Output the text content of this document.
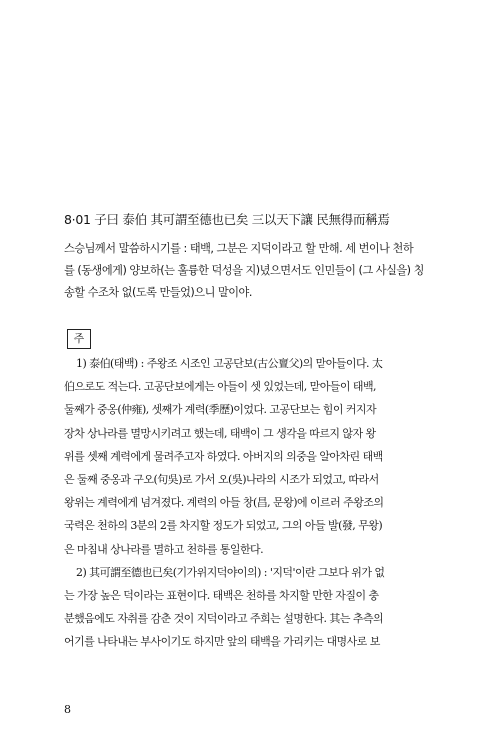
8·01 子曰 泰伯 其可謂至德也已矣 三以天下讓 民無得而稱焉
스승님께서 말씀하시기를 : 태백, 그분은 지덕이라고 할 만해. 세 번이나 천하
를 (동생에게) 양보하(는 훌륭한 덕성을 지)녔으면서도 인민들이 (그 사실을) 칭
송할 수조차 없(도록 만들었)으니 말이야.
주
1) 泰伯(태백) : 주왕조 시조인 고공단보(古公亶父)의 맏아들이다. 太
伯으로도 적는다. 고공단보에게는 아들이 셋 있었는데, 맏아들이 태백,
둘째가 중옹(仲雍), 셋째가 계력(季歷)이었다. 고공단보는 힘이 커지자
장차 상나라를 멸망시키려고 했는데, 태백이 그 생각을 따르지 않자 왕
위를 셋째 계력에게 물려주고자 하였다. 아버지의 의중을 알아차린 태백
은 둘째 중옹과 구오(句吳)로 가서 오(吳)나라의 시조가 되었고, 따라서
왕위는 계력에게 넘겨졌다. 계력의 아들 창(昌, 문왕)에 이르러 주왕조의
국력은 천하의 3분의 2를 차지할 정도가 되었고, 그의 아들 발(發, 무왕)
은 마침내 상나라를 멸하고 천하를 통일한다.
2) 其可謂至德也已矣(기가위지덕야이의) : '지덕'이란 그보다 위가 없
는 가장 높은 덕이라는 표현이다. 태백은 천하를 차지할 만한 자질이 충
분했음에도 자취를 감춘 것이 지덕이라고 주희는 설명한다. 其는 추측의
어기를 나타내는 부사이기도 하지만 앞의 태백을 가리키는 대명사로 보
8
